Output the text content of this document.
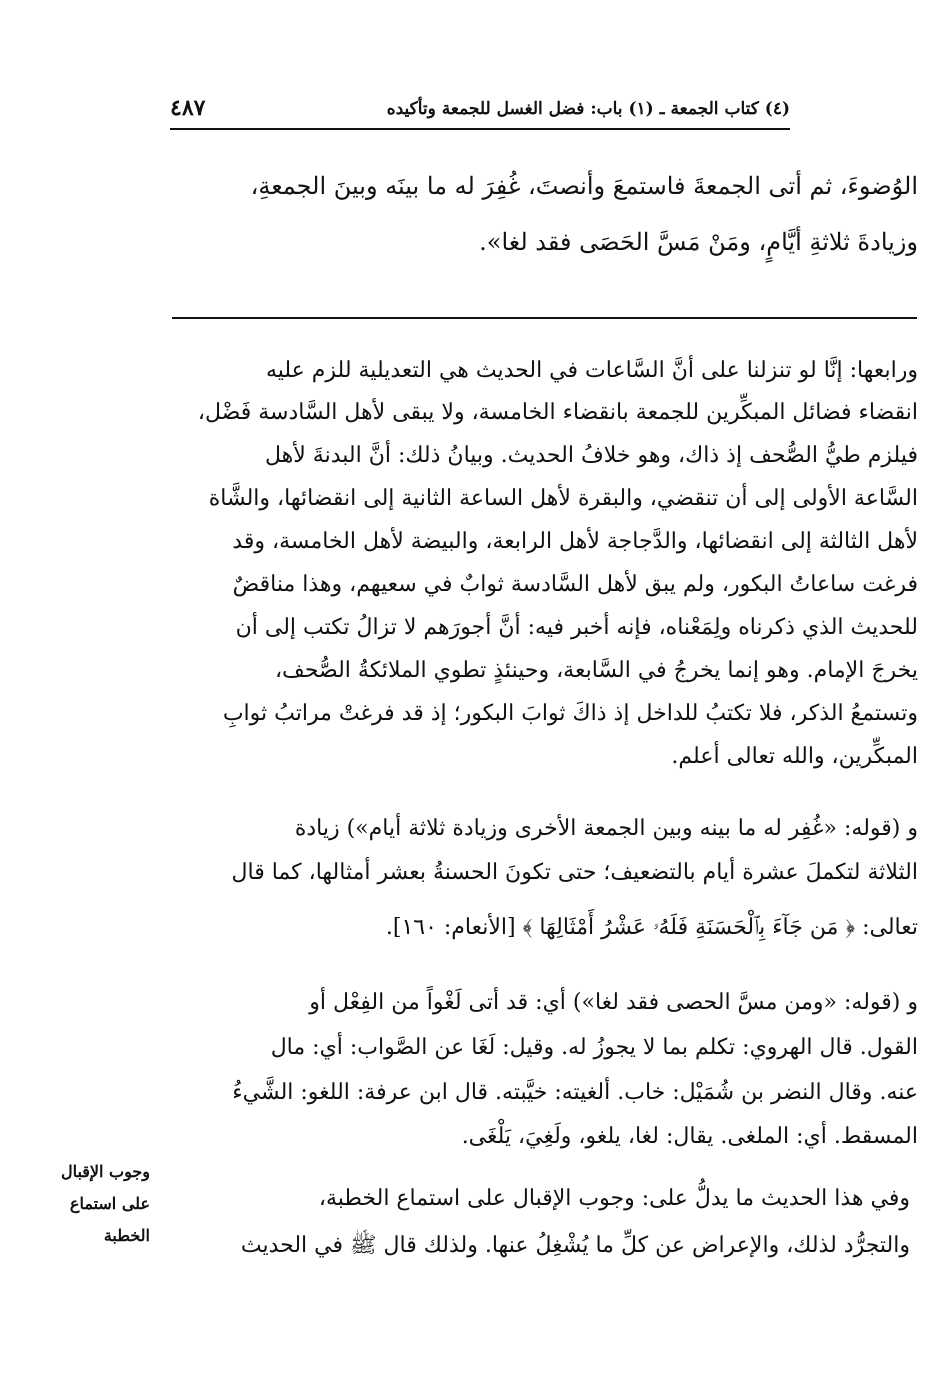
(٤) كتاب الجمعة ـ (١) باب: فضل الغسل للجمعة وتأكيده
٤٨٧
الوُضوءَ، ثم أتى الجمعةَ فاستمعَ وأنصتَ، غُفِرَ له ما بينَه وبينَ الجمعةِ،
وزيادةَ ثلاثةِ أيَّامٍ، ومَنْ مَسَّ الحَصَى فقد لغا».
ورابعها: إنَّا لو تنزلنا على أنَّ السَّاعات في الحديث هي التعديلية للزم عليه
انقضاء فضائل المبكِّرين للجمعة بانقضاء الخامسة، ولا يبقى لأهل السَّادسة فَضْل،
فيلزم طيُّ الصُّحف إذ ذاك، وهو خلافُ الحديث. وبيانُ ذلك: أنَّ البدنةَ لأهل
السَّاعة الأولى إلى أن تنقضي، والبقرة لأهل الساعة الثانية إلى انقضائها، والشَّاة
لأهل الثالثة إلى انقضائها، والدَّجاجة لأهل الرابعة، والبيضة لأهل الخامسة، وقد
فرغت ساعاتُ البكور، ولم يبق لأهل السَّادسة ثوابٌ في سعيهم، وهذا مناقضٌ
للحديث الذي ذكرناه ولِمَعْناه، فإنه أخبر فيه: أنَّ أجورَهم لا تزالُ تكتب إلى أن
يخرجَ الإمام. وهو إنما يخرجُ في السَّابعة، وحينئذٍ تطوي الملائكةُ الصُّحف،
وتستمعُ الذكر، فلا تكتبُ للداخل إذ ذاكَ ثوابَ البكور؛ إذ قد فرغتْ مراتبُ ثوابِ
المبكِّرين، والله تعالى أعلم.
و (قوله: «غُفِر له ما بينه وبين الجمعة الأخرى وزيادة ثلاثة أيام») زيادة
الثلاثة لتكملَ عشرة أيام بالتضعيف؛ حتى تكونَ الحسنةُ بعشر أمثالها، كما قال
تعالى: ﴿ مَن جَآءَ بِٱلْحَسَنَةِ فَلَهُۥ عَشْرُ أَمْثَالِهَا ﴾ [الأنعام: ١٦٠].
و (قوله: «ومن مسَّ الحصى فقد لغا») أي: قد أتى لَغْواً من الفِعْل أو
القول. قال الهروي: تكلم بما لا يجوزُ له. وقيل: لَغَا عن الصَّواب: أي: مال
عنه. وقال النضر بن شُمَيْل: خاب. ألغيته: خيَّبته. قال ابن عرفة: اللغو: الشَّيءُ
المسقط. أي: الملغى. يقال: لغا، يلغو، ولَغِيَ، يَلْغَى.
وفي هذا الحديث ما يدلُّ على: وجوب الإقبال على استماع الخطبة،
والتجرُّد لذلك، والإعراض عن كلِّ ما يُشْغِلُ عنها. ولذلك قال ﷺ في الحديث
وجوب الإقبال
على استماع
الخطبة
